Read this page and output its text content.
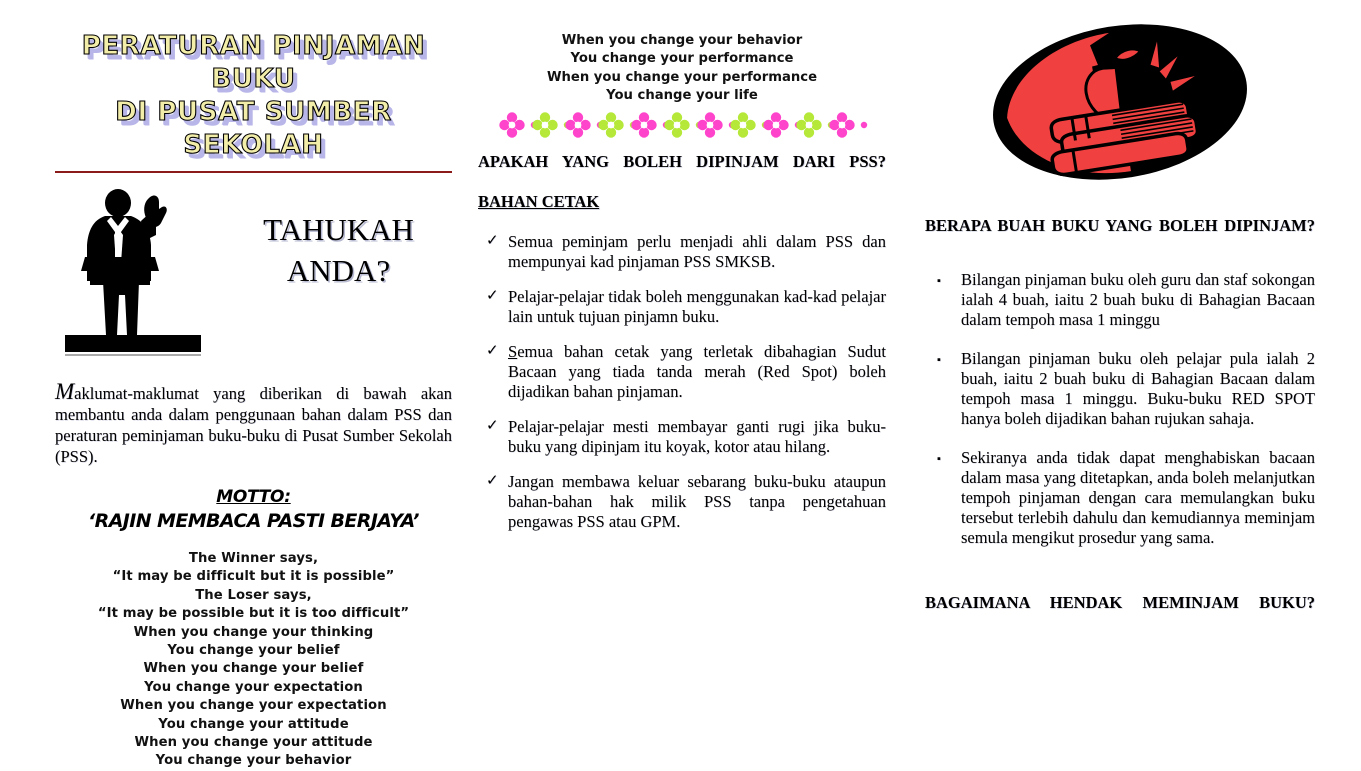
PERATURAN PINJAMAN
BUKU
DI PUSAT SUMBER
SEKOLAH
TAHUKAH
ANDA?

Maklumat-maklumat yang diberikan di bawah akan membantu anda dalam penggunaan bahan dalam PSS dan peraturan peminjaman buku-buku di Pusat Sumber Sekolah (PSS).

MOTTO:
‘RAJIN MEMBACA PASTI BERJAYA’
The Winner says,
“It may be difficult but it is possible”
The Loser says,
“It may be possible but it is too difficult”
When you change your thinking
You change your belief
When you change your belief
You change your expectation
When you change your expectation
You change your attitude
When you change your attitude
You change your behavior
When you change your behavior
You change your performance
When you change your performance
You change your life
APAKAH YANG BOLEH DIPINJAM DARI PSS?
BAHAN CETAK
✓ Semua peminjam perlu menjadi ahli dalam PSS dan mempunyai kad pinjaman PSS SMKSB.
✓ Pelajar-pelajar tidak boleh menggunakan kad-kad pelajar lain untuk tujuan pinjamn buku.
✓ Semua bahan cetak yang terletak dibahagian Sudut Bacaan yang tiada tanda merah (Red Spot) boleh dijadikan bahan pinjaman.
✓ Pelajar-pelajar mesti membayar ganti rugi jika buku-buku yang dipinjam itu koyak, kotor atau hilang.
✓ Jangan membawa keluar sebarang buku-buku ataupun bahan-bahan hak milik PSS tanpa pengetahuan pengawas PSS atau GPM.
BERAPA BUAH BUKU YANG BOLEH DIPINJAM?
▪ Bilangan pinjaman buku oleh guru dan staf sokongan ialah 4 buah, iaitu 2 buah buku di Bahagian Bacaan dalam tempoh masa 1 minggu
▪ Bilangan pinjaman buku oleh pelajar pula ialah 2 buah, iaitu 2 buah buku di Bahagian Bacaan dalam tempoh masa 1 minggu. Buku-buku RED SPOT hanya boleh dijadikan bahan rujukan sahaja.
▪ Sekiranya anda tidak dapat menghabiskan bacaan dalam masa yang ditetapkan, anda boleh melanjutkan tempoh pinjaman dengan cara memulangkan buku tersebut terlebih dahulu dan kemudiannya meminjam semula mengikut prosedur yang sama.
BAGAIMANA HENDAK MEMINJAM BUKU?
